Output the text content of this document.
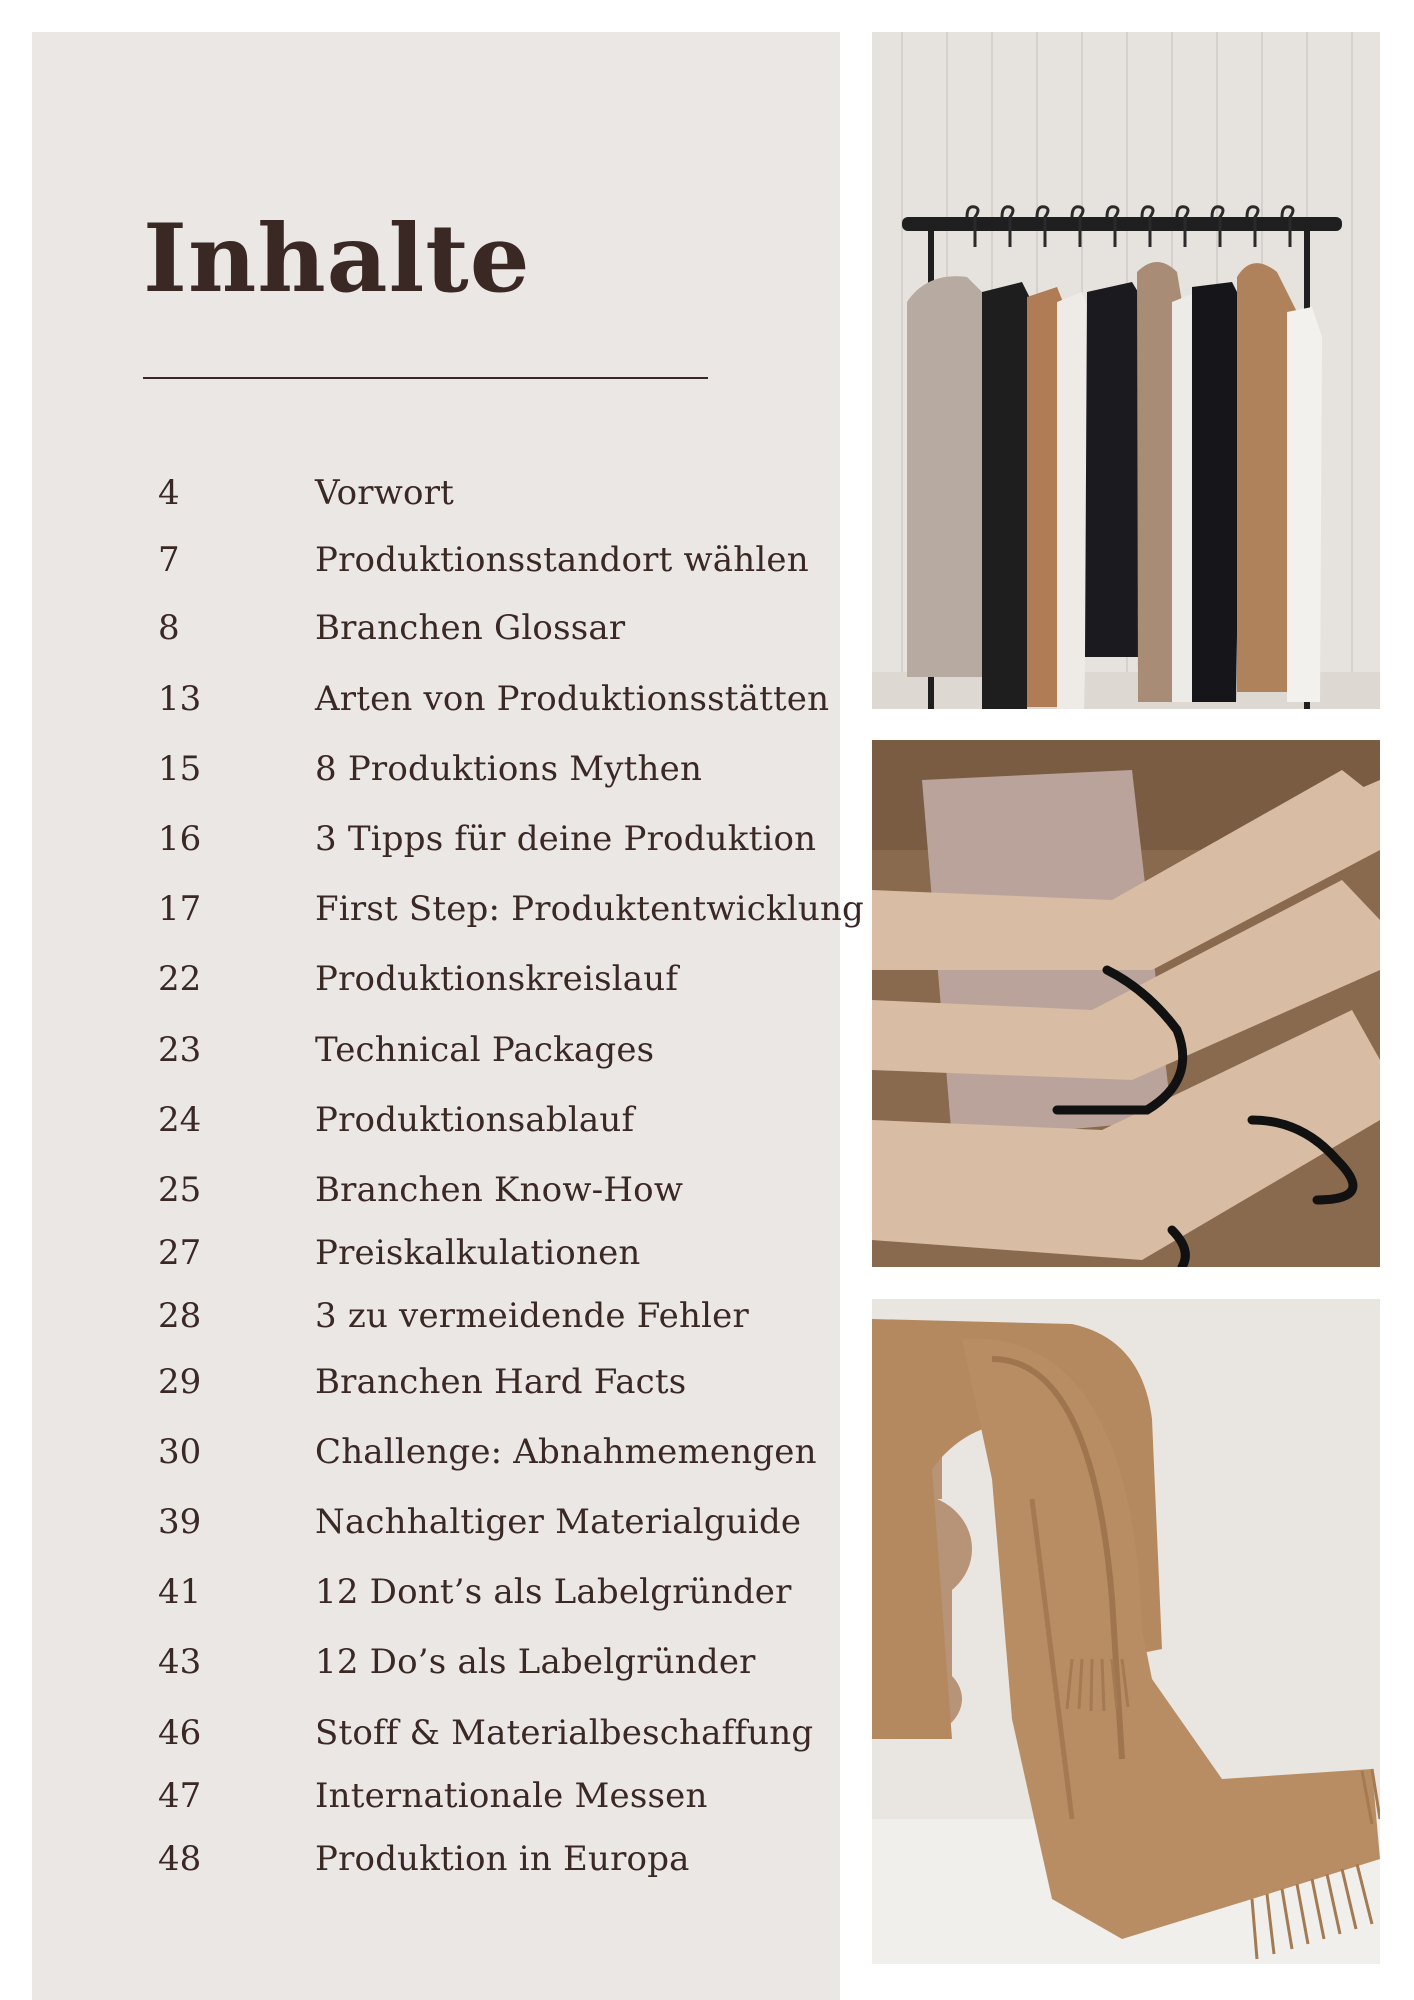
Inhalte
4	Vorwort
7	Produktionsstandort wählen
8	Branchen Glossar
13	Arten von Produktionsstätten
15	8 Produktions Mythen
16	3 Tipps für deine Produktion
17	First Step: Produktentwicklung
22	Produktionskreislauf
23	Technical Packages
24	Produktionsablauf
25	Branchen Know-How
27	Preiskalkulationen
28	3 zu vermeidende Fehler
29	Branchen Hard Facts
30	Challenge: Abnahmemengen
39	Nachhaltiger Materialguide
41	12 Dont’s als Labelgründer
43	12 Do’s als Labelgründer
46	Stoff & Materialbeschaffung
47	Internationale Messen
48	Produktion in Europa
